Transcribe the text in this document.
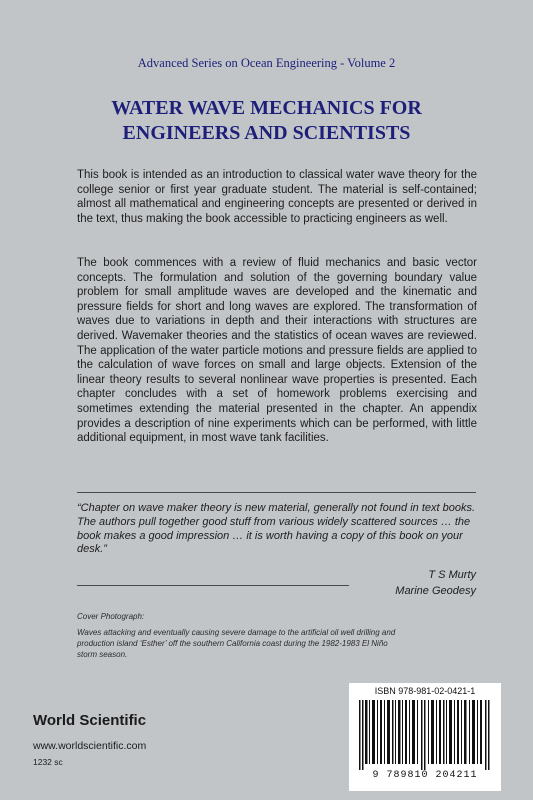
Advanced Series on Ocean Engineering - Volume 2
WATER WAVE MECHANICS FOR
ENGINEERS AND SCIENTISTS

This book is intended as an introduction to classical water wave theory for the college senior or first year graduate student. The material is self-contained; almost all mathematical and engineering concepts are presented or derived in the text, thus making the book accessible to practicing engineers as well.

The book commences with a review of fluid mechanics and basic vector concepts. The formulation and solution of the governing boundary value problem for small amplitude waves are developed and the kinematic and pressure fields for short and long waves are explored. The transformation of waves due to variations in depth and their interactions with structures are derived. Wavemaker theories and the statistics of ocean waves are reviewed. The application of the water particle motions and pressure fields are applied to the calculation of wave forces on small and large objects. Extension of the linear theory results to several nonlinear wave properties is presented. Each chapter concludes with a set of homework problems exercising and sometimes extending the material presented in the chapter. An appendix provides a description of nine experiments which can be performed, with little additional equipment, in most wave tank facilities.

“Chapter on wave maker theory is new material, generally not found in text books. The authors pull together good stuff from various widely scattered sources … the book makes a good impression … it is worth having a copy of this book on your desk.”

T S Murty
Marine Geodesy
Cover Photograph:

Waves attacking and eventually causing severe damage to the artificial oil well drilling and production island ‘Esther’ off the southern California coast during the 1982-1983 El Niño storm season.

World Scientific
www.worldscientific.com
1232 sc
ISBN 978-981-02-0421-1
9 789810 204211
